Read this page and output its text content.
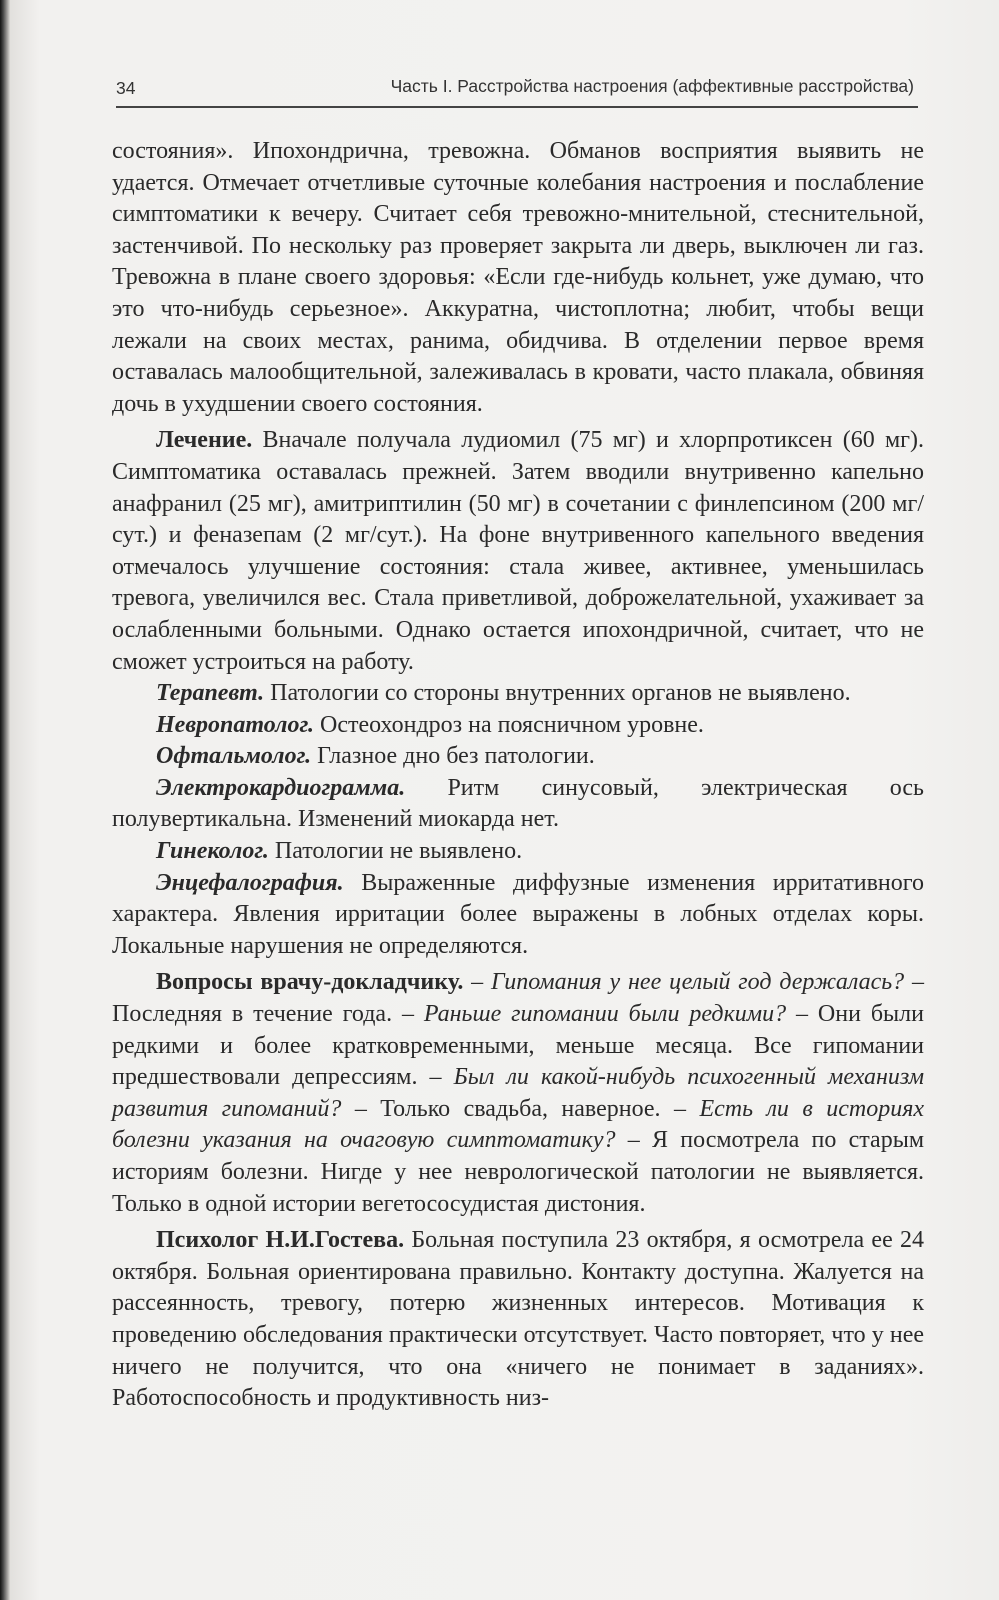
34	Часть I. Расстройства настроения (аффективные расстройства)

состояния». Ипохондрична, тревожна. Обманов восприятия выявить не удается. Отмечает отчетливые суточные колебания настроения и послабление симптоматики к вечеру. Считает себя тревожно-мнительной, стеснительной, застенчивой. По нескольку раз проверяет закрыта ли дверь, выключен ли газ. Тревожна в плане своего здоровья: «Если где-нибудь кольнет, уже думаю, что это что-нибудь серьезное». Аккуратна, чистоплотна; любит, чтобы вещи лежали на своих местах, ранима, обидчива. В отделении первое время оставалась малообщительной, залеживалась в кровати, часто плакала, обвиняя дочь в ухудшении своего состояния.

Лечение. Вначале получала лудиомил (75 мг) и хлорпротиксен (60 мг). Симптоматика оставалась прежней. Затем вводили внутривенно капельно анафранил (25 мг), амитриптилин (50 мг) в сочетании с финлепсином (200 мг/сут.) и феназепам (2 мг/сут.). На фоне внутривенного капельного введения отмечалось улучшение состояния: стала живее, активнее, уменьшилась тревога, увеличился вес. Стала приветливой, доброжелательной, ухаживает за ослабленными больными. Однако остается ипохондричной, считает, что не сможет устроиться на работу.

Терапевт. Патологии со стороны внутренних органов не выявлено.

Невропатолог. Остеохондроз на поясничном уровне.

Офтальмолог. Глазное дно без патологии.

Электрокардиограмма. Ритм синусовый, электрическая ось полувертикальна. Изменений миокарда нет.

Гинеколог. Патологии не выявлено.

Энцефалография. Выраженные диффузные изменения ирритативного характера. Явления ирритации более выражены в лобных отделах коры. Локальные нарушения не определяются.

Вопросы врачу-докладчику. – Гипомания у нее целый год держалась? – Последняя в течение года. – Раньше гипомании были редкими? – Они были редкими и более кратковременными, меньше месяца. Все гипомании предшествовали депрессиям. – Был ли какой-нибудь психогенный механизм развития гипоманий? – Только свадьба, наверное. – Есть ли в историях болезни указания на очаговую симптоматику? – Я посмотрела по старым историям болезни. Нигде у нее неврологической патологии не выявляется. Только в одной истории вегетососудистая дистония.

Психолог Н.И.Гостева. Больная поступила 23 октября, я осмотрела ее 24 октября. Больная ориентирована правильно. Контакту доступна. Жалуется на рассеянность, тревогу, потерю жизненных интересов. Мотивация к проведению обследования практически отсутствует. Часто повторяет, что у нее ничего не получится, что она «ничего не понимает в заданиях». Работоспособность и продуктивность низ-
